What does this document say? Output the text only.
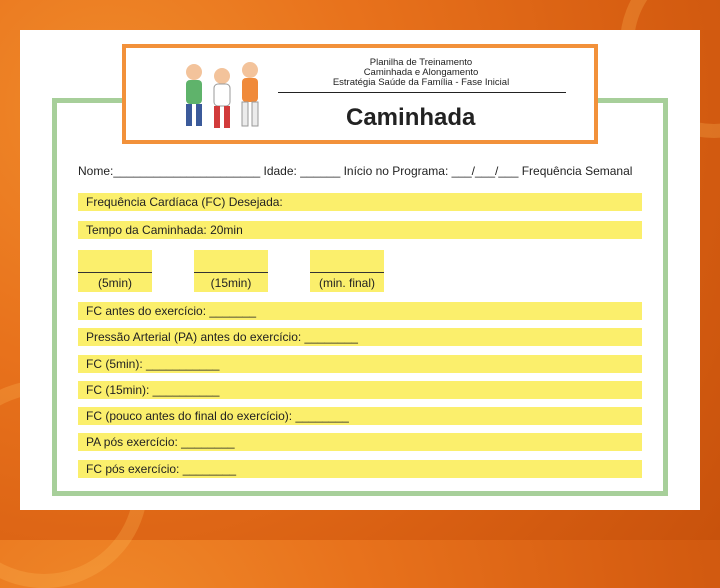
Planilha de Treinamento
Caminhada e Alongamento
Estratégia Saúde da Família - Fase Inicial
Caminhada
Nome:______________________ Idade: ______ Início no Programa: ___/___/___ Frequência Semanal
Frequência Cardíaca (FC) Desejada:
Tempo da Caminhada: 20min
(5min)	(15min)	(min. final)
FC antes do exercício: _______
Pressão Arterial (PA) antes do exercício: ________
FC (5min): ___________
FC (15min): __________
FC (pouco antes do final do exercício): ________
PA pós exercício: ________
FC pós exercício: ________
